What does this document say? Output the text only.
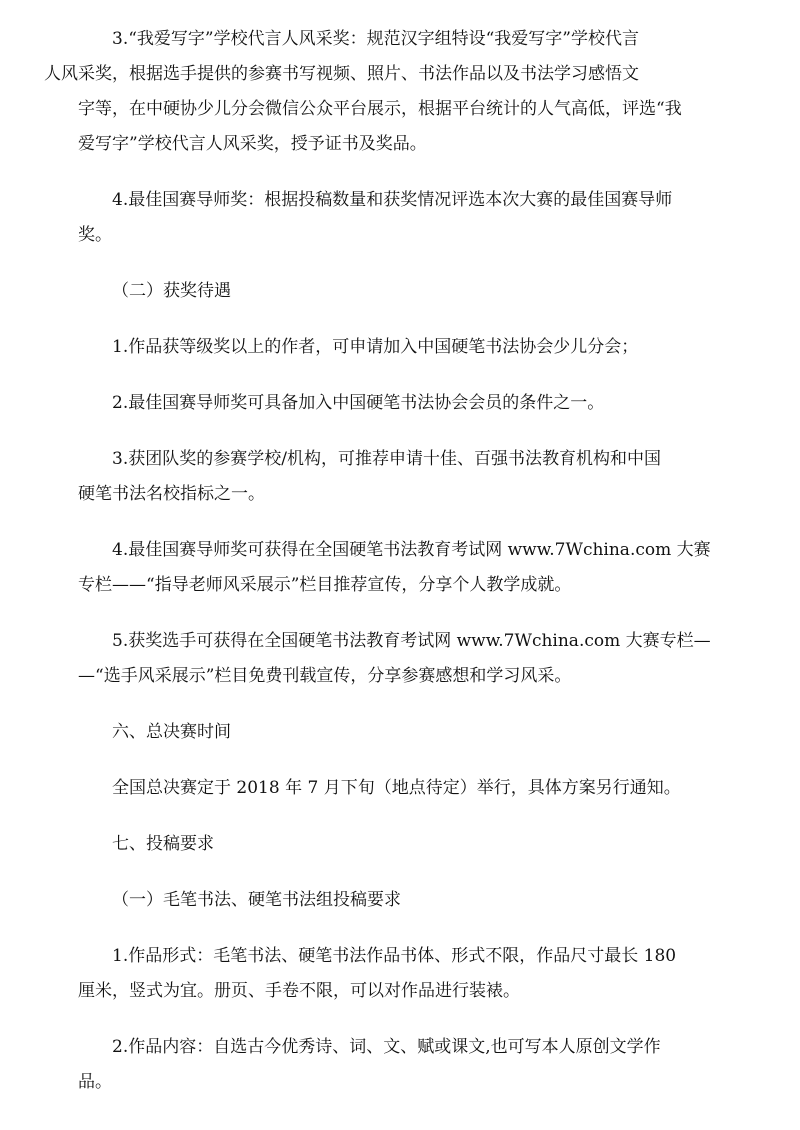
3.“我爱写字”学校代言人风采奖：规范汉字组特设“我爱写字”学校代言
人风采奖，根据选手提供的参赛书写视频、照片、书法作品以及书法学习感悟文
字等，在中硬协少儿分会微信公众平台展示，根据平台统计的人气高低，评选“我
爱写字”学校代言人风采奖，授予证书及奖品。

4.最佳国赛导师奖：根据投稿数量和获奖情况评选本次大赛的最佳国赛导师
奖。

（二）获奖待遇

1.作品获等级奖以上的作者，可申请加入中国硬笔书法协会少儿分会；

2.最佳国赛导师奖可具备加入中国硬笔书法协会会员的条件之一。

3.获团队奖的参赛学校/机构，可推荐申请十佳、百强书法教育机构和中国
硬笔书法名校指标之一。

4.最佳国赛导师奖可获得在全国硬笔书法教育考试网 www.7Wchina.com 大赛
专栏——“指导老师风采展示”栏目推荐宣传，分享个人教学成就。

5.获奖选手可获得在全国硬笔书法教育考试网 www.7Wchina.com 大赛专栏—
—“选手风采展示”栏目免费刊载宣传，分享参赛感想和学习风采。

六、总决赛时间

全国总决赛定于 2018 年 7 月下旬（地点待定）举行，具体方案另行通知。

七、投稿要求

（一）毛笔书法、硬笔书法组投稿要求

1.作品形式：毛笔书法、硬笔书法作品书体、形式不限，作品尺寸最长 180
厘米，竖式为宜。册页、手卷不限，可以对作品进行装裱。

2.作品内容：自选古今优秀诗、词、文、赋或课文,也可写本人原创文学作
品。
